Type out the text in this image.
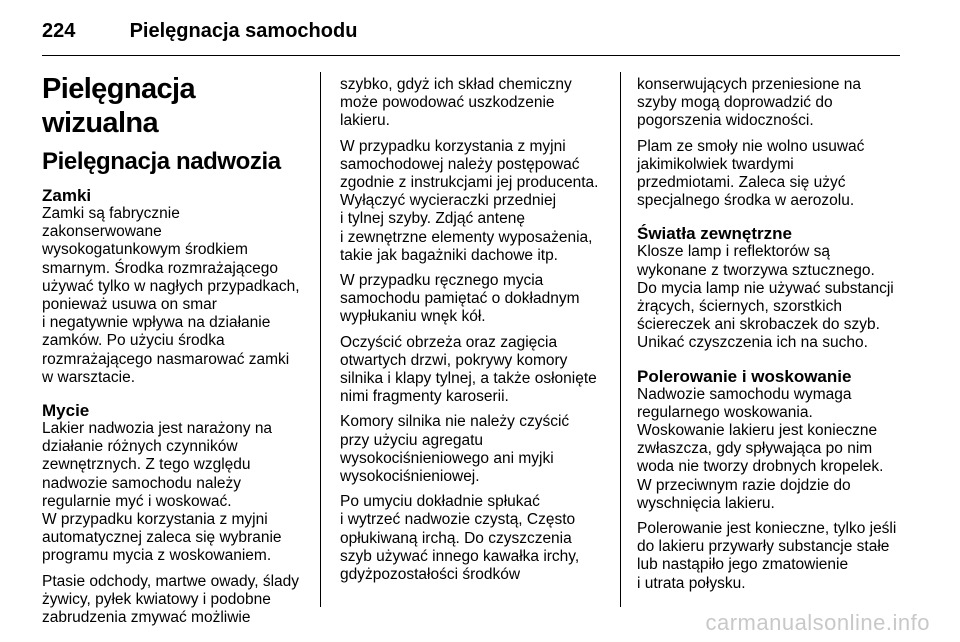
224	Pielęgnacja samochodu
Pielęgnacja wizualna
Pielęgnacja nadwozia
Zamki

Zamki są fabrycznie
zakonserwowane
wysokogatunkowym środkiem
smarnym. Środka rozmrażającego
używać tylko w nagłych przypadkach,
ponieważ usuwa on smar
i negatywnie wpływa na działanie
zamków. Po użyciu środka
rozmrażającego nasmarować zamki
w warsztacie.

Mycie

Lakier nadwozia jest narażony na
działanie różnych czynników
zewnętrznych. Z tego względu
nadwozie samochodu należy
regularnie myć i woskować.
W przypadku korzystania z myjni
automatycznej zaleca się wybranie
programu mycia z woskowaniem.

Ptasie odchody, martwe owady, ślady
żywicy, pyłek kwiatowy i podobne
zabrudzenia zmywać możliwie

szybko, gdyż ich skład chemiczny
może powodować uszkodzenie
lakieru.

W przypadku korzystania z myjni
samochodowej należy postępować
zgodnie z instrukcjami jej producenta.
Wyłączyć wycieraczki przedniej
i tylnej szyby. Zdjąć antenę
i zewnętrzne elementy wyposażenia,
takie jak bagażniki dachowe itp.

W przypadku ręcznego mycia
samochodu pamiętać o dokładnym
wypłukaniu wnęk kół.

Oczyścić obrzeża oraz zagięcia
otwartych drzwi, pokrywy komory
silnika i klapy tylnej, a także osłonięte
nimi fragmenty karoserii.

Komory silnika nie należy czyścić
przy użyciu agregatu
wysokociśnieniowego ani myjki
wysokociśnieniowej.

Po umyciu dokładnie spłukać
i wytrzeć nadwozie czystą, Często
opłukiwaną irchą. Do czyszczenia
szyb używać innego kawałka irchy,
gdyżpozostałości środków

konserwujących przeniesione na
szyby mogą doprowadzić do
pogorszenia widoczności.

Plam ze smoły nie wolno usuwać
jakimikolwiek twardymi
przedmiotami. Zaleca się użyć
specjalnego środka w aerozolu.

Światła zewnętrzne

Klosze lamp i reflektorów są
wykonane z tworzywa sztucznego.
Do mycia lamp nie używać substancji
żrących, ściernych, szorstkich
ściereczek ani skrobaczek do szyb.
Unikać czyszczenia ich na sucho.

Polerowanie i woskowanie

Nadwozie samochodu wymaga
regularnego woskowania.
Woskowanie lakieru jest konieczne
zwłaszcza, gdy spływająca po nim
woda nie tworzy drobnych kropelek.
W przeciwnym razie dojdzie do
wyschnięcia lakieru.

Polerowanie jest konieczne, tylko jeśli
do lakieru przywarły substancje stałe
lub nastąpiło jego zmatowienie
i utrata połysku.

carmanualsonline.info
